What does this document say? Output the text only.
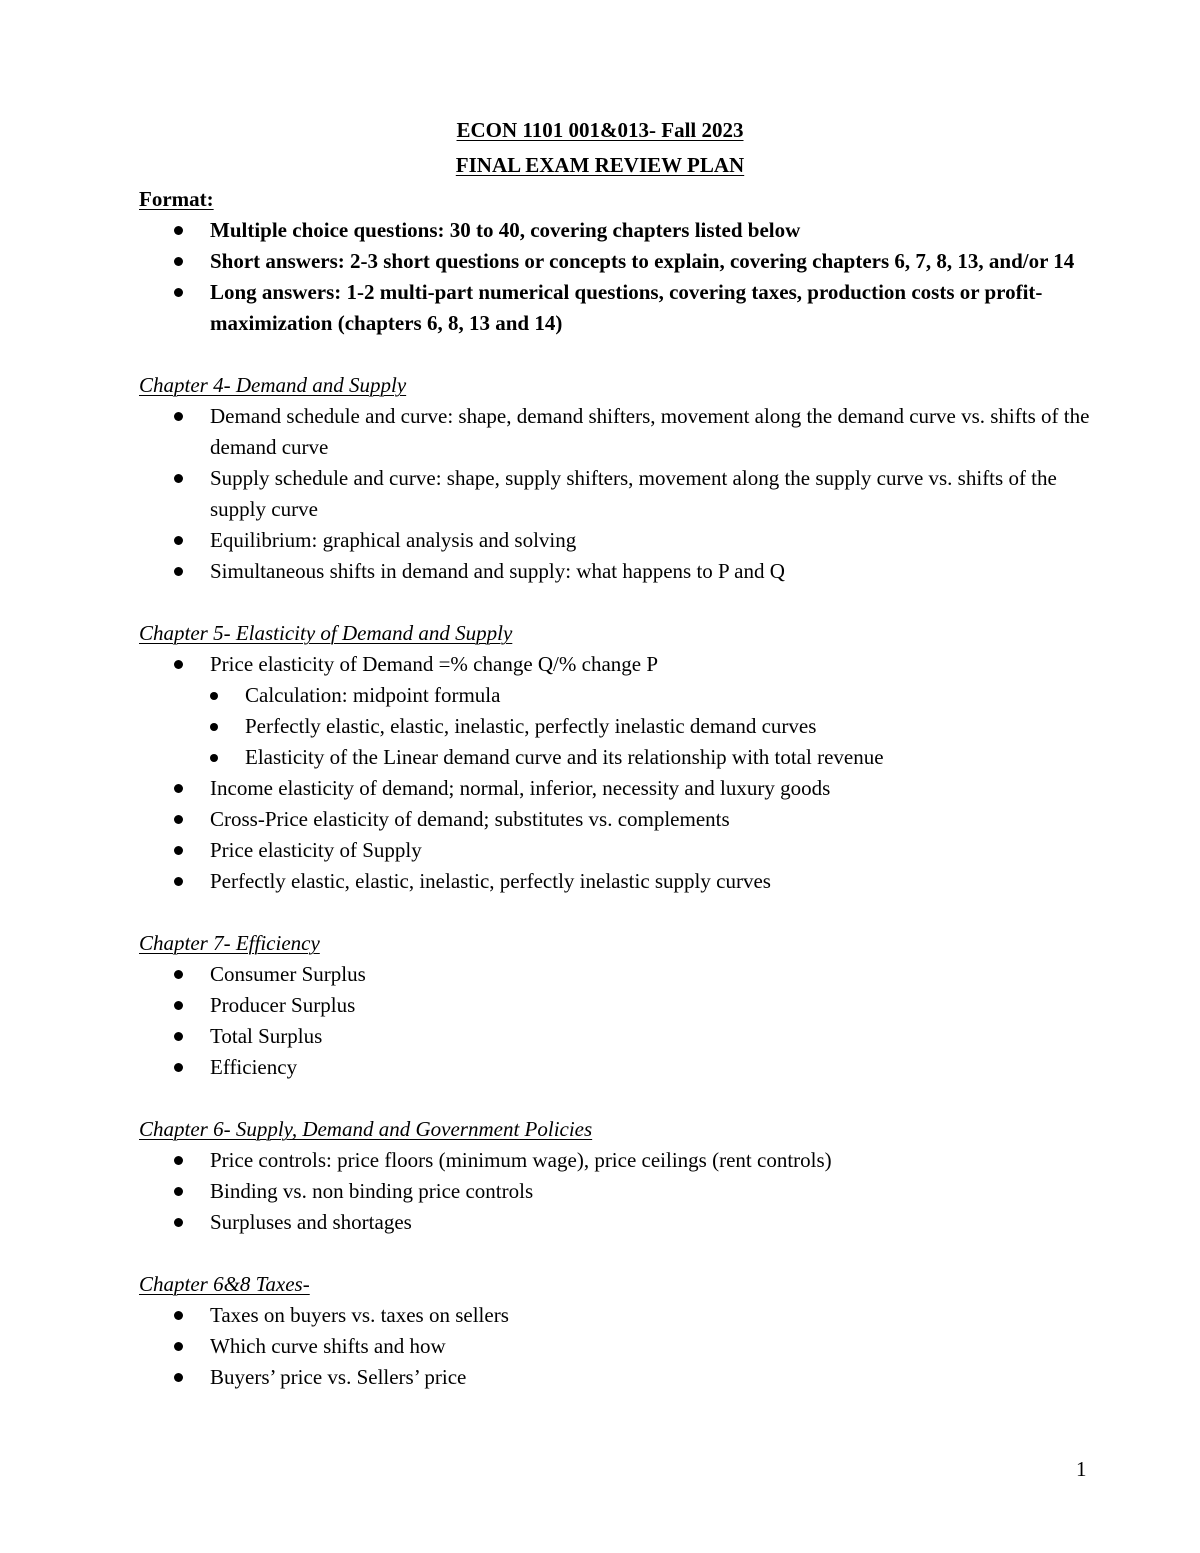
ECON 1101 001&013- Fall 2023
FINAL EXAM REVIEW PLAN
Format:
Multiple choice questions: 30 to 40, covering chapters listed below
Short answers: 2-3 short questions or concepts to explain, covering chapters 6, 7, 8, 13, and/or 14
Long answers: 1-2 multi-part numerical questions, covering taxes, production costs or profit-maximization (chapters 6, 8, 13 and 14)
Chapter 4- Demand and Supply
Demand schedule and curve: shape, demand shifters, movement along the demand curve vs. shifts of the demand curve
Supply schedule and curve: shape, supply shifters, movement along the supply curve vs. shifts of the supply curve
Equilibrium: graphical analysis and solving
Simultaneous shifts in demand and supply: what happens to P and Q
Chapter 5- Elasticity of Demand and Supply
Price elasticity of Demand =% change Q/% change P
Calculation: midpoint formula
Perfectly elastic, elastic, inelastic, perfectly inelastic demand curves
Elasticity of the Linear demand curve and its relationship with total revenue
Income elasticity of demand; normal, inferior, necessity and luxury goods
Cross-Price elasticity of demand; substitutes vs. complements
Price elasticity of Supply
Perfectly elastic, elastic, inelastic, perfectly inelastic supply curves
Chapter 7- Efficiency
Consumer Surplus
Producer Surplus
Total Surplus
Efficiency
Chapter 6- Supply, Demand and Government Policies
Price controls: price floors (minimum wage), price ceilings (rent controls)
Binding vs. non binding price controls
Surpluses and shortages
Chapter 6&8 Taxes-
Taxes on buyers vs. taxes on sellers
Which curve shifts and how
Buyers’ price vs. Sellers’ price
1
